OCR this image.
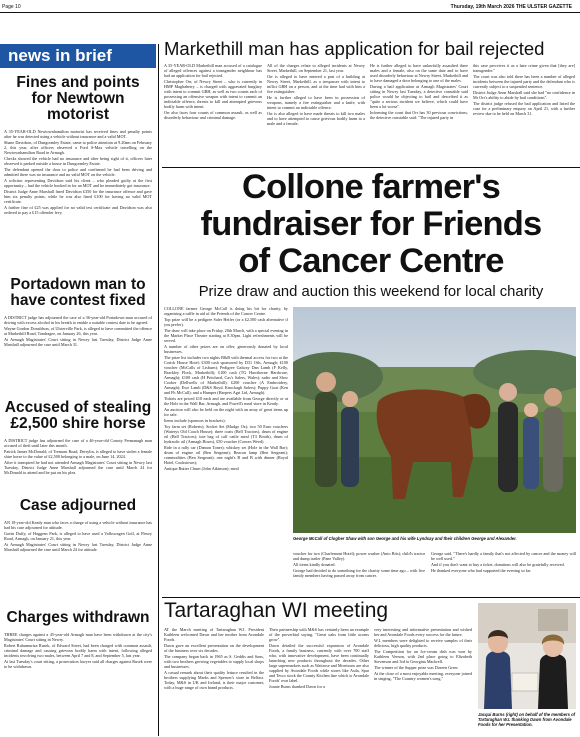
Page 10	Thursday, 19th March 2026 THE ULSTER GAZETTE
news in brief
Fines and points for Newtown motorist

A 35-YEAR-OLD Newtownhamilton motorist has received fines and penalty points after he was detected using a vehicle without insurance and a valid MOT.

Shane Davidson, of Dungormley Estate, came to police attention at 9.20am on February 2, this year, after officers observed a Ford S-Max vehicle travelling on the Newtownhamilton Road in Armagh.

Checks showed the vehicle had no insurance and after being sight of it, officers later observed it parked outside a house in Dungormley Estate.

The defendant opened the door to police and confirmed he had been driving and admitted there was no insurance and no valid MOT on the vehicle.

A solicitor representing Davidson said his client – who pleaded guilty at the first opportunity – had the vehicle booked in for an MOT and he immediately got insurance.

District Judge Anne Marshall fined Davidson £350 for the insurance offence and gave him six penalty points, while he was also fined £100 for having no valid MOT certificate.

A further fine of £25 was applied for no valid test certificate and Davidson was also ordered to pay a £15 offender levy.

Portadown man to have contest fixed

A DISTRICT judge has adjourned the case of a 36-year-old Portadown man accused of driving with excess alcohol in his breath to enable a suitable contest date to be agreed.

Wayne Gordon Donaldson, of Ulsterville Park, is alleged to have committed the offence at Markethill Road, Tandragee, on January 26, this year.

At Armagh Magistrates' Court sitting in Newry last Tuesday, District Judge Anne Marshall adjourned the case until March 31.

Accused of stealing £2,500 shire horse

A DISTRICT judge has adjourned the case of a 46-year-old County Fermanagh man accused of theft until later this month.

Patrick James McDonald, of Tremont Road, Derrylin, is alleged to have stolen a female shire horse to the value of £2,500 belonging to a male, on June 14, 2024.

After it transpired he had not attended Armagh Magistrates' Court sitting in Newry last Tuesday, District Judge Anne Marshall adjourned the case until March 24 for McDonald to attend and be put on his plea.

Case adjourned

AN 18-year-old Keady man who faces a charge of using a vehicle without insurance has had his case adjourned for attitude.

Gavin Duffy, of Haggens Park, is alleged to have used a Volkswagen Golf, at Fleury Road, Armagh, on January 21, this year.

At Armagh Magistrates' Court sitting in Newry last Tuesday, District Judge Anne Marshall adjourned the case until March 24 for attitude.

Charges withdrawn

THREE charges against a 45-year-old Armagh man have been withdrawn at the city's Magistrates' Court sitting in Newry.

Robert Ruhumuriza Rusek, of Edward Street, had been charged with common assault, criminal damage and causing grievous bodily harm with intent, following alleged incidents involving two males, between April 7 and 8, and September 5, last year.

At last Tuesday's court sitting, a prosecution lawyer said all charges against Rusek were to be withdrawn.

Markethill man has application for bail rejected

A 35-YEAR-OLD Markethill man accused of a catalogue of alleged offences against a transgender neighbour has had an application for bail rejected.

Christopher Orr, of Newry Street – who is currently in HMP Maghaberry – is charged with aggravated burglary with intent to commit GBH, as well as two counts each of possessing an offensive weapon with intent to commit an indictable offence, threats to kill and attempted grievous bodily harm with intent.

Orr also faces four counts of common assault, as well as disorderly behaviour and criminal damage.

All of the charges relate to alleged incidents at Newry Street, Markethill, on September 21, last year.

Orr is alleged to have entered a part of a building at Newry Street, Markethill, as a trespasser with intent to inflict GBH on a person, and at the time had with him a fire extinguisher.

He is further alleged to have been in possession of weapons, namely a fire extinguisher and a knife, with intent to commit an indictable offence.

Orr is also alleged to have made threats to kill two males and to have attempted to cause grievous bodily harm to a male and a female.

He is further alleged to have unlawfully assaulted three males and a female, also on the same date and to have used disorderly behaviour at Newry Street, Markethill and to have damaged a door belonging to one of the males.

During a bail application at Armagh Magistrates' Court sitting in Newry last Tuesday, a detective constable said police would be objecting to bail and described it as "quite a serious incident we believe, which could have been a lot worse".

Informing the court that Orr has 30 previous convictions, the detective constable said: "The injured party in

this case perceives it as a hate crime given that [they are] transgender."

The court was also told there has been a number of alleged incidents between the injured party and the defendant who is currently subject to a suspended sentence.

District Judge Anne Marshall said she had "no confidence in Mr Orr's ability to abide by bail conditions".

The district judge refused the bail application and listed the case for a preliminary enquiry on April 21, with a further review due to be held on March 31.

Collone farmer's
fundraiser for Friends
of Cancer Centre
Prize draw and auction this weekend for local charity

COLLONE farmer George McCall is doing his bit for charity, by organising a raffle in aid of the Friends of the Cancer Centre.

Top prize will be a pedigree Saler Heifer (or a £2,500 cash alternative if you prefer).

The draw will take place on Friday, 20th March, with a special evening in the Market Place Theatre starting at 8.30pm. Light refreshments will be served.

A number of other prizes are on offer, generously donated by local businesses.

The prize list includes two nights B&B with thermal access for two at the Corick House Hotel; £300 cash sponsored by D31 Oils, Armagh; £100 voucher (McCalls of Lisburn); Pedigree Galway Dan Lamb (F Kelly, Brackley Flock, Markethill); £100 cash (TG Hawthorne Hardware, Armagh); £100 cash (H Pritchard, Cas's Salers, Wales); radio and Slow Cooker (Dellwells of Markethill); £200 voucher (A Embroidery, Armagh); Ewe Lamb (D&S Boyd, Knockagh Salers); Puppy Goat (Ken and Fh McCall); and a Hamper (Harpers Agri Ltd, Armagh).

Tickets are priced £10 each and are available from George directly or at the Hole in the Wall Bar, Armagh, and Powell's meal store in Keady.

An auction will also be held on the night with an array of great items up for sale.

Items include (sponsors in brackets):

Toy farm set (Roberts); Socket Set (Mudge Oz); two 50 Euro vouchers (Waterys Old Coach House); three coats (Bell Tractors), drum of engine oil (Bell Tractors); tote bag of calf cattle meal (T3 Booth), drum of hydraulic oil (Armagh Hoses), £50 voucher (Conors Weed).

Ride in a rally car (Damon Toner); whiskey set (Hole in the Wall Bar); drum of engine oil (Ben Sergeant); Beacon lamp (Ben Sergeant); commodities (Ben Sergeant); one night's B and B with dinner (Royal Hotel, Cookstown);

Antique Butter Churn (John Atkinson); meal

George McCall of Clogher Shaw with son George and his wife Lyndsay and their children George and Alexander.

voucher for two (Charlemont Hotel); power washer (Anto Bits); child's tractor and dump trailer (Pane Valley).

All items kindly donated.

George had decided to do something for the charity some time ago – with five family members having passed away from cancer.

George said, "There's hardly a family that's not affected by cancer and the money will be well used."

And if you don't want to buy a ticket, donations will also be gratefully received.

He thanked everyone who had supported the evening so far.

Tartaraghan WI meeting

AT the March meeting of Tartaraghan W.I. President Kathleen welcomed Dawn and her mother from Avondale Foods.

Dawn gave an excellent presentation on the development of the business over six decades.

The company began back in 1965 as S. Geddis and Sons, with two brothers growing vegetables to supply local shops and businesses.

A casual remark about their quality lettuce resulted in the brothers supplying Marks and Spencer's store in Belfast. Today, M&S in UK and Ireland, is their major customer, with a huge range of own brand products.

Their partnership with M&S has certainly been an example of the proverbial saying, "Great oaks from little acorns grow".

Dawn detailed the successful expansion of Avondale Foods, a family business, currently with over 700 staff who, with innovative development, have been continually launching new products throughout the decades. Other large supermarkets such as Waitrose and Morrisons are also supplied by Avondale Foods while stores like Asda, Spar and Tesco stock the County Kitchen line which is Avondale Foods' own label.

Joanie Burns thanked Dawn for a

very interesting and informative presentation and wished her and Avondale Foods every success for the future.

W.I. members were delighted to receive samples of their delicious, high quality products.

The Competition for an Ice-cream dish was won by Kathleen Vernon, with 2nd place going to Elizabeth Stevenson and 3rd to Georgina Mackrell.

The winner of the Supper prize was Doreen Greer.

At the close of a most enjoyable meeting, everyone joined in singing, "The Country women's song."

Jacqui Burns (right) on behalf of the members of Tartaraghan W.I. thanking Dawn from Avondale Foods for her Presentation.
